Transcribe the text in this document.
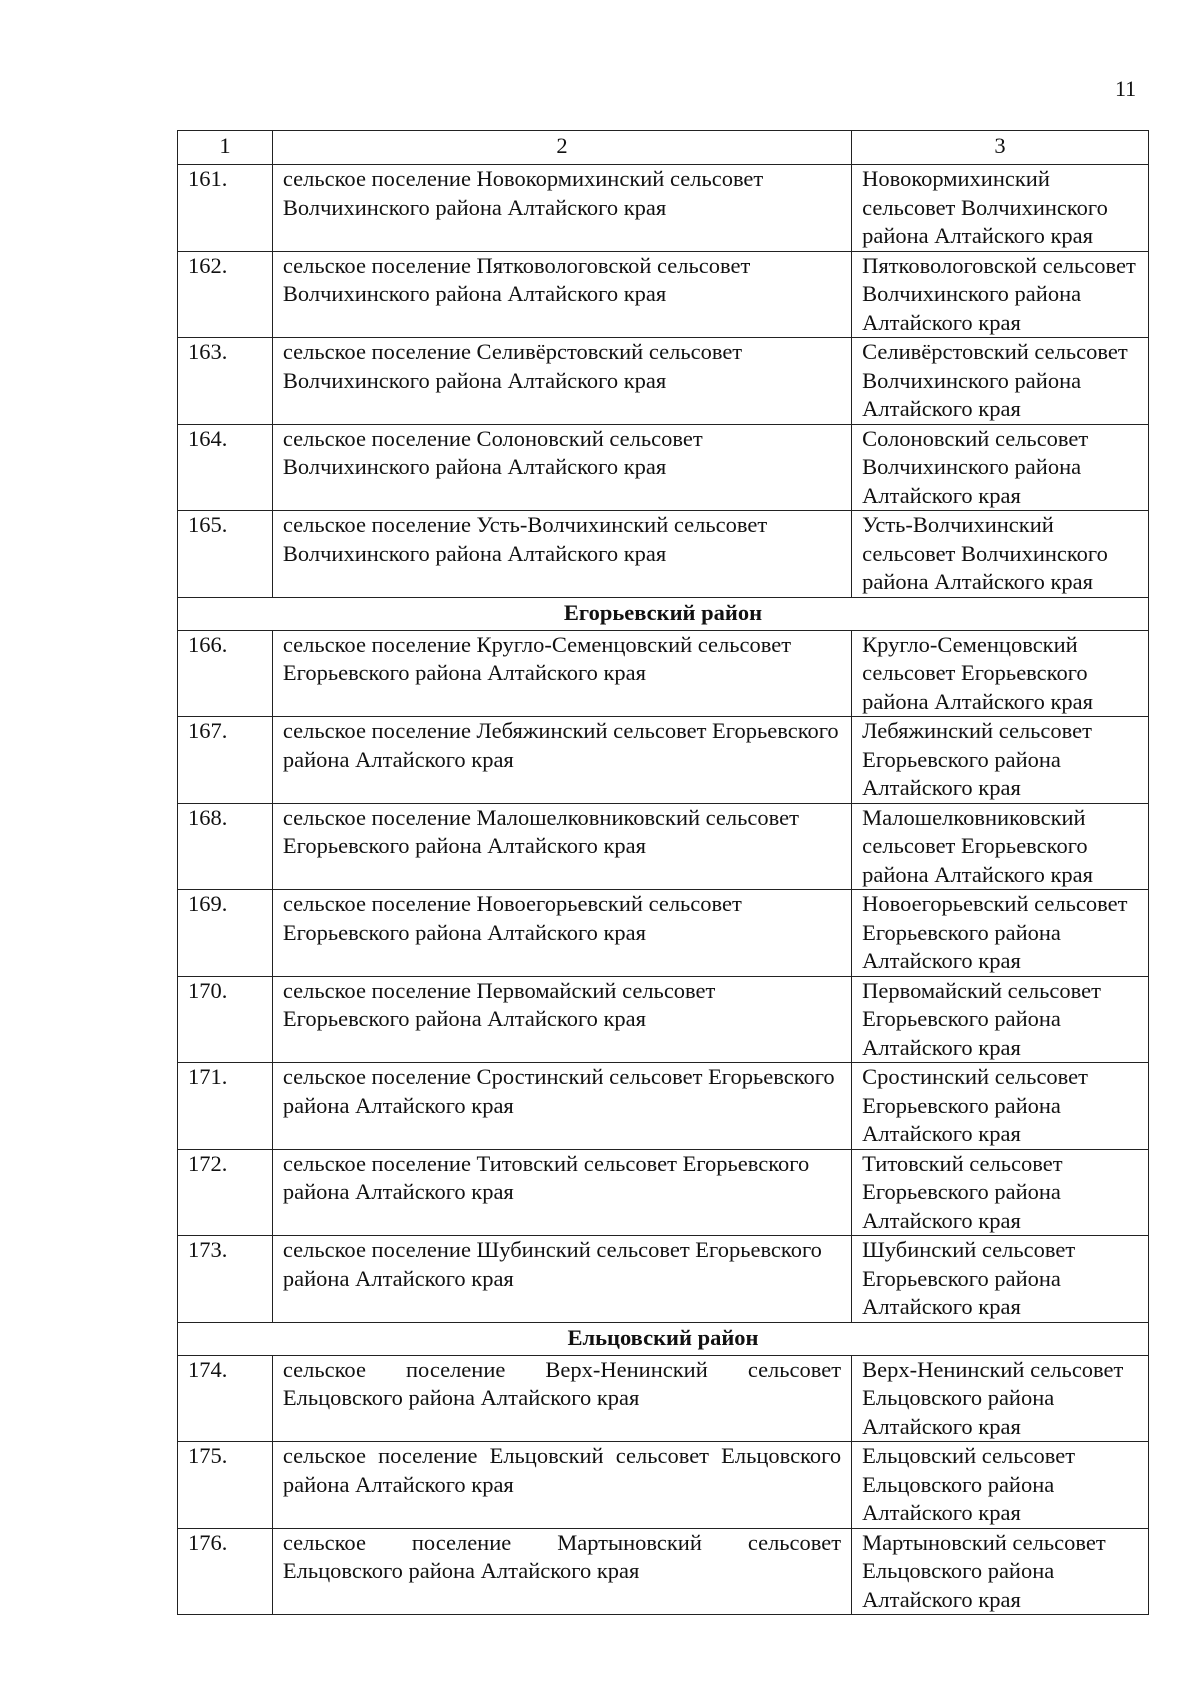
11
1	2	3
161.	сельское поселение Новокормихинский сельсовет Волчихинского района Алтайского края	Новокормихинский сельсовет Волчихинского района Алтайского края
162.	сельское поселение Пятковологовской сельсовет Волчихинского района Алтайского края	Пятковологовской сельсовет Волчихинского района Алтайского края
163.	сельское поселение Селивёрстовский сельсовет Волчихинского района Алтайского края	Селивёрстовский сельсовет Волчихинского района Алтайского края
164.	сельское поселение Солоновский сельсовет Волчихинского района Алтайского края	Солоновский сельсовет Волчихинского района Алтайского края
165.	сельское поселение Усть-Волчихинский сельсовет Волчихинского района Алтайского края	Усть-Волчихинский сельсовет Волчихинского района Алтайского края
Егорьевский район		
166.	сельское поселение Кругло-Семенцовский сельсовет Егорьевского района Алтайского края	Кругло-Семенцовский сельсовет Егорьевского района Алтайского края
167.	сельское поселение Лебяжинский сельсовет Егорьевского района Алтайского края	Лебяжинский сельсовет Егорьевского района Алтайского края
168.	сельское поселение Малошелковниковский сельсовет Егорьевского района Алтайского края	Малошелковниковский сельсовет Егорьевского района Алтайского края
169.	сельское поселение Новоегорьевский сельсовет Егорьевского района Алтайского края	Новоегорьевский сельсовет Егорьевского района Алтайского края
170.	сельское поселение Первомайский сельсовет Егорьевского района Алтайского края	Первомайский сельсовет Егорьевского района Алтайского края
171.	сельское поселение Сростинский сельсовет Егорьевского района Алтайского края	Сростинский сельсовет Егорьевского района Алтайского края
172.	сельское поселение Титовский сельсовет Егорьевского района Алтайского края	Титовский сельсовет Егорьевского района Алтайского края
173.	сельское поселение Шубинский сельсовет Егорьевского района Алтайского края	Шубинский сельсовет Егорьевского района Алтайского края
Ельцовский район		
174.	сельское поселение Верх-Ненинский сельсовет Ельцовского района Алтайского края	Верх-Ненинский сельсовет Ельцовского района Алтайского края
175.	сельское поселение Ельцовский сельсовет Ельцовского района Алтайского края	Ельцовский сельсовет Ельцовского района Алтайского края
176.	сельское поселение Мартыновский сельсовет Ельцовского района Алтайского края	Мартыновский сельсовет Ельцовского района Алтайского края
